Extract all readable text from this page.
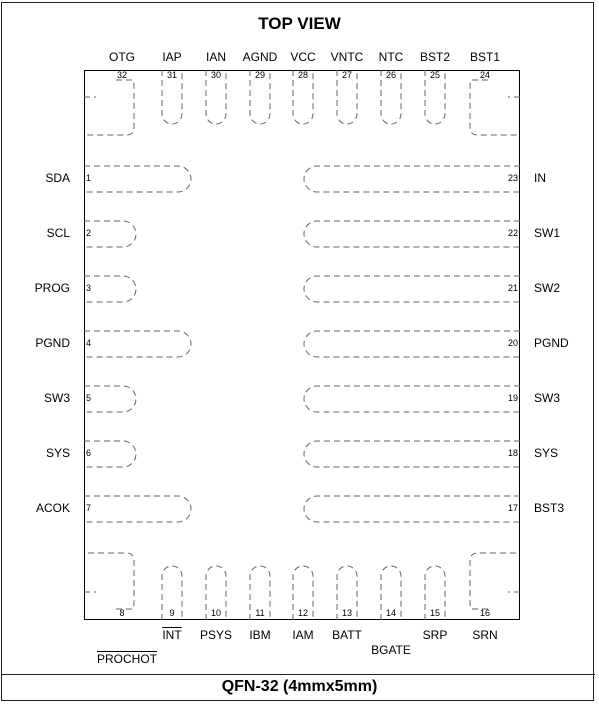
TOP VIEW
QFN-32 (4mmx5mm)
SDA 1
SCL 2
PROG 3
PGND 4
SW3 5
SYS 6
ACOK 7	BST3
17
SYS
18
SW3
19
PGND
20
SW2
21
SW1
22
IN
23
BST1
24
BST2
25
NTC
26
VNTC
27
VCC
28
AGND
29
IAN
30
IAP
31
OTG
32
8
PROCHOT
9
$\overline{INT}$
10
PSYS
11
IBM
12
IAM
13
BATT
14
BGATE
15
SRP
16
SRN
